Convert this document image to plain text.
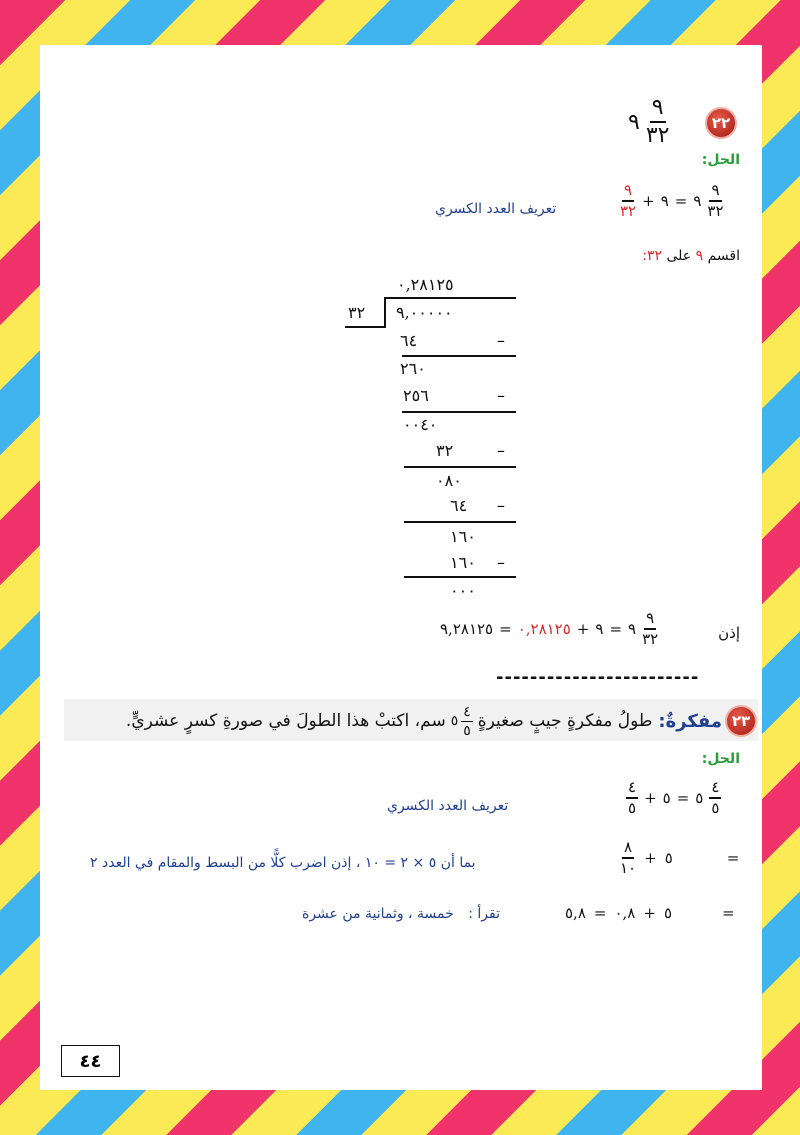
٢٢
٩ $\frac{٩}{٣٢}$
الحل:
$\frac{٩}{٣٢}$ + ٩ = ٩ $\frac{٩}{٣٢}$
تعريف العدد الكسري
اقسم ٩ على ٣٢:
٠,٢٨١٢٥
٣٢ ٩,٠٠٠٠٠
٦٤	–
٢٦٠
٢٥٦	–
٠٠٤٠
٣٢	–
٠٨٠
٦٤ –
١٦٠
١٦٠ –
٠٠٠
إذن
٩,٢٨١٢٥ = ٠,٢٨١٢٥ + ٩ = ٩ $\frac{٩}{٣٢}$
------------------------
٢٣
مفكرةٌ:
طولُ مفكرةٍ جيبٍ صغيرةٍ
٥ $\frac{٤}{٥}$
سم، اكتبْ هذا الطولَ في صورةِ كسرٍ عشريٍّ.
الحل:
$\frac{٤}{٥}$ + ٥ = ٥ $\frac{٤}{٥}$
تعريف العدد الكسري
$\frac{٨}{١٠}$ + ٥	=
بما أن ٥ × ٢ = ١٠ ، إذن اضرب كلًّا من البسط والمقام في العدد ٢
٥,٨ = ٠,٨ + ٥	=
تقرأ : خمسة ، وثمانية من عشرة
٤٤
